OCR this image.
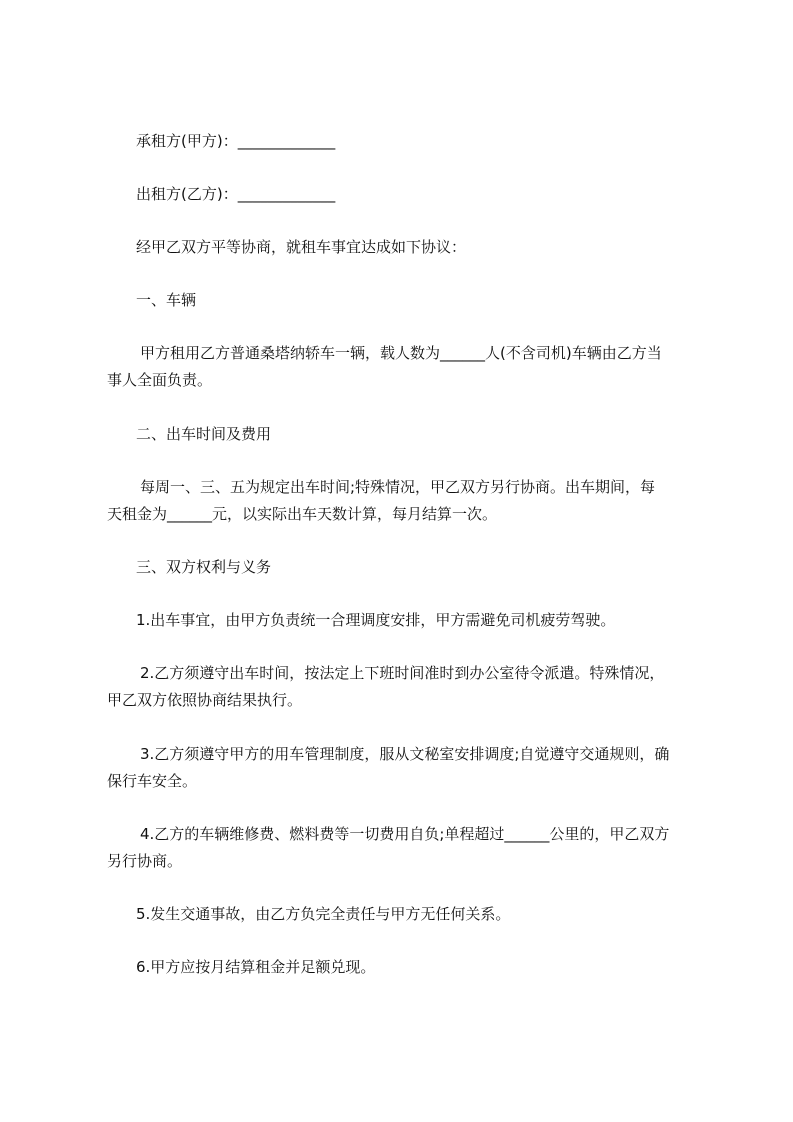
承租方(甲方)：_____________

出租方(乙方)：_____________

经甲乙双方平等协商，就租车事宜达成如下协议：

一、车辆

甲方租用乙方普通桑塔纳轿车一辆，载人数为______人(不含司机)车辆由乙方当

事人全面负责。

二、出车时间及费用

每周一、三、五为规定出车时间;特殊情况，甲乙双方另行协商。出车期间，每

天租金为______元，以实际出车天数计算，每月结算一次。

三、双方权利与义务

1.出车事宜，由甲方负责统一合理调度安排，甲方需避免司机疲劳驾驶。

2.乙方须遵守出车时间，按法定上下班时间准时到办公室待令派遣。特殊情况，

甲乙双方依照协商结果执行。

3.乙方须遵守甲方的用车管理制度，服从文秘室安排调度;自觉遵守交通规则，确

保行车安全。

4.乙方的车辆维修费、燃料费等一切费用自负;单程超过______公里的，甲乙双方

另行协商。

5.发生交通事故，由乙方负完全责任与甲方无任何关系。

6.甲方应按月结算租金并足额兑现。
